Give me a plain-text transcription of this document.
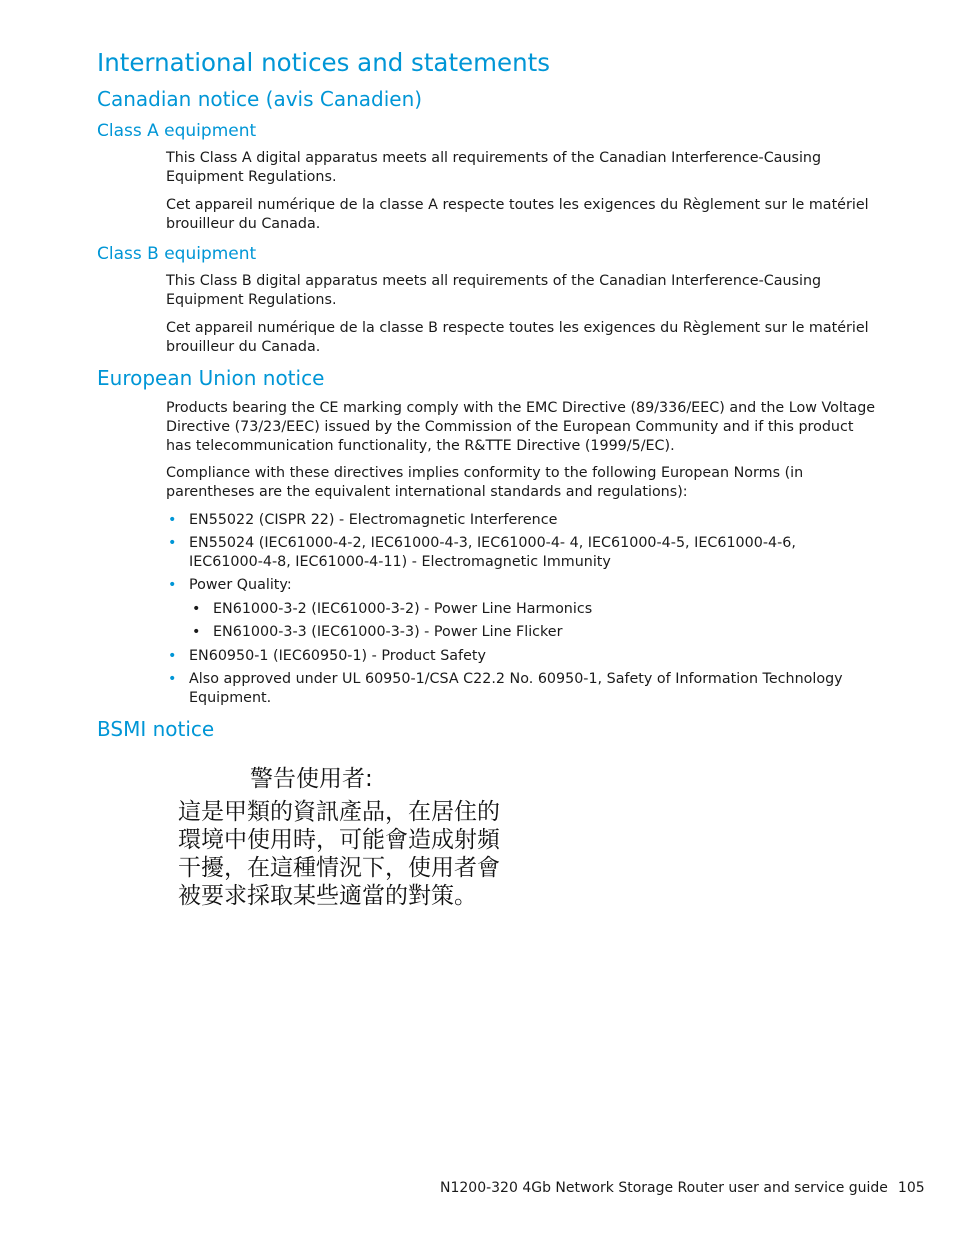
International notices and statements
Canadian notice (avis Canadien)
Class A equipment

This Class A digital apparatus meets all requirements of the Canadian Interference-Causing Equipment Regulations.

Cet appareil numérique de la classe A respecte toutes les exigences du Règlement sur le matériel brouilleur du Canada.

Class B equipment

This Class B digital apparatus meets all requirements of the Canadian Interference-Causing Equipment Regulations.

Cet appareil numérique de la classe B respecte toutes les exigences du Règlement sur le matériel brouilleur du Canada.

European Union notice

Products bearing the CE marking comply with the EMC Directive (89/336/EEC) and the Low Voltage Directive (73/23/EEC) issued by the Commission of the European Community and if this product has telecommunication functionality, the R&TTE Directive (1999/5/EC).

Compliance with these directives implies conformity to the following European Norms (in parentheses are the equivalent international standards and regulations):

• EN55022 (CISPR 22) - Electromagnetic Interference
• EN55024 (IEC61000-4-2, IEC61000-4-3, IEC61000-4- 4, IEC61000-4-5, IEC61000-4-6, IEC61000-4-8, IEC61000-4-11) - Electromagnetic Immunity
• Power Quality:
• EN61000-3-2 (IEC61000-3-2) - Power Line Harmonics
• EN61000-3-3 (IEC61000-3-3) - Power Line Flicker
• EN60950-1 (IEC60950-1) - Product Safety
• Also approved under UL 60950-1/CSA C22.2 No. 60950-1, Safety of Information Technology Equipment.
BSMI notice
警告使用者:
這是甲類的資訊產品，在居住的
環境中使用時，可能會造成射頻
干擾，在這種情況下，使用者會
被要求採取某些適當的對策。
N1200-320 4Gb Network Storage Router user and service guide 105
